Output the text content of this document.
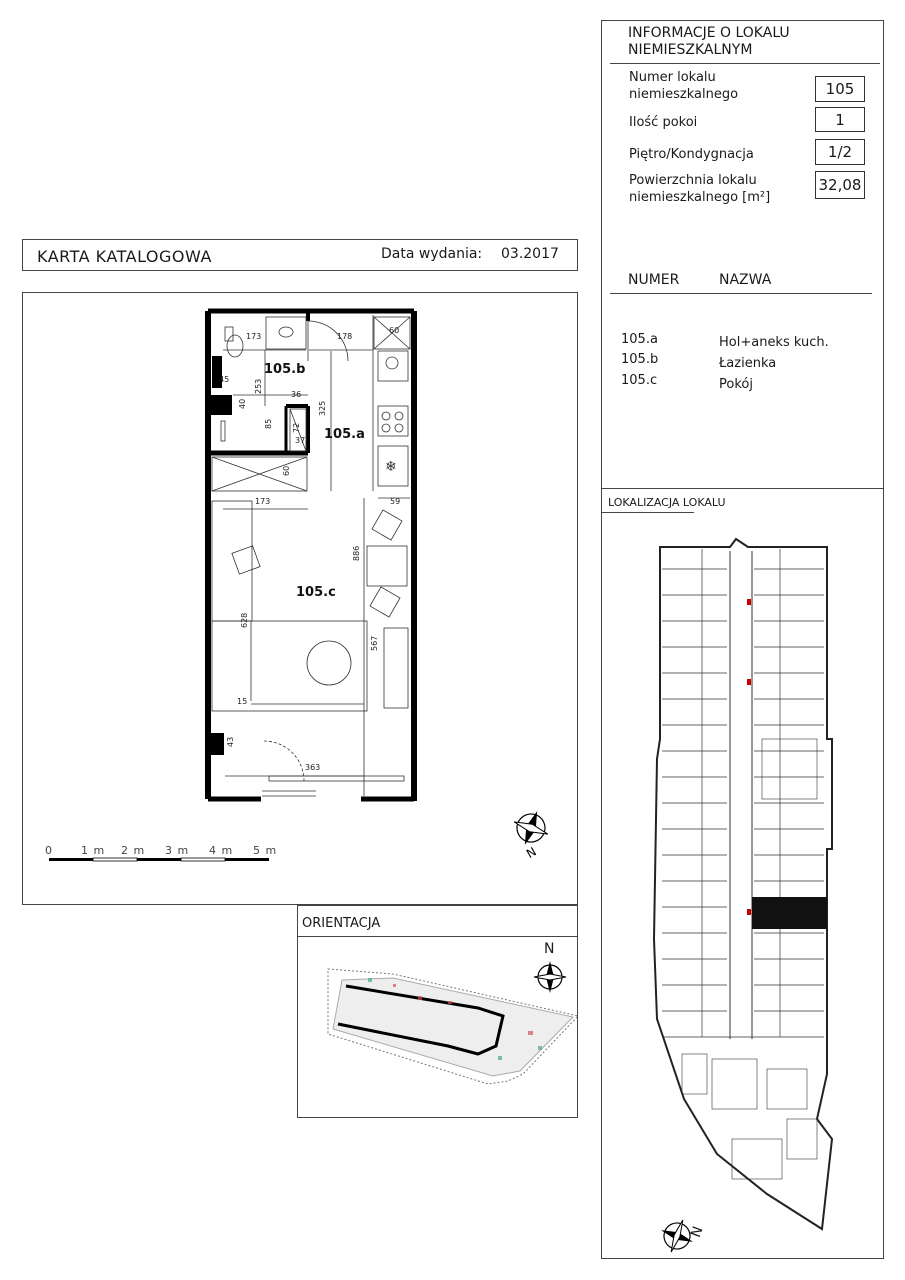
KARTA KATALOGOWA	Data wydania: 03.2017
❄
105.b
105.a
105.c
173	178
60
45	253
40
36
325
85 72
37
60
173	59
886
628
567
15
43
363
0	1 m 2 m 3 m 4 m 5 m	N
ORIENTACJA
N
INFORMACJE O LOKALU
NIEMIESZKALNYM
Numer lokalu
niemieszkalnego	105
Ilość pokoi	1
Piętro/Kondygnacja	1/2
Powierzchnia lokalu
niemieszkalnego [m²]
32,08
NUMER	NAZWA
105.a	Hol+aneks kuch.
105.b	Łazienka
105.c	Pokój
LOKALIZACJA LOKALU
N
